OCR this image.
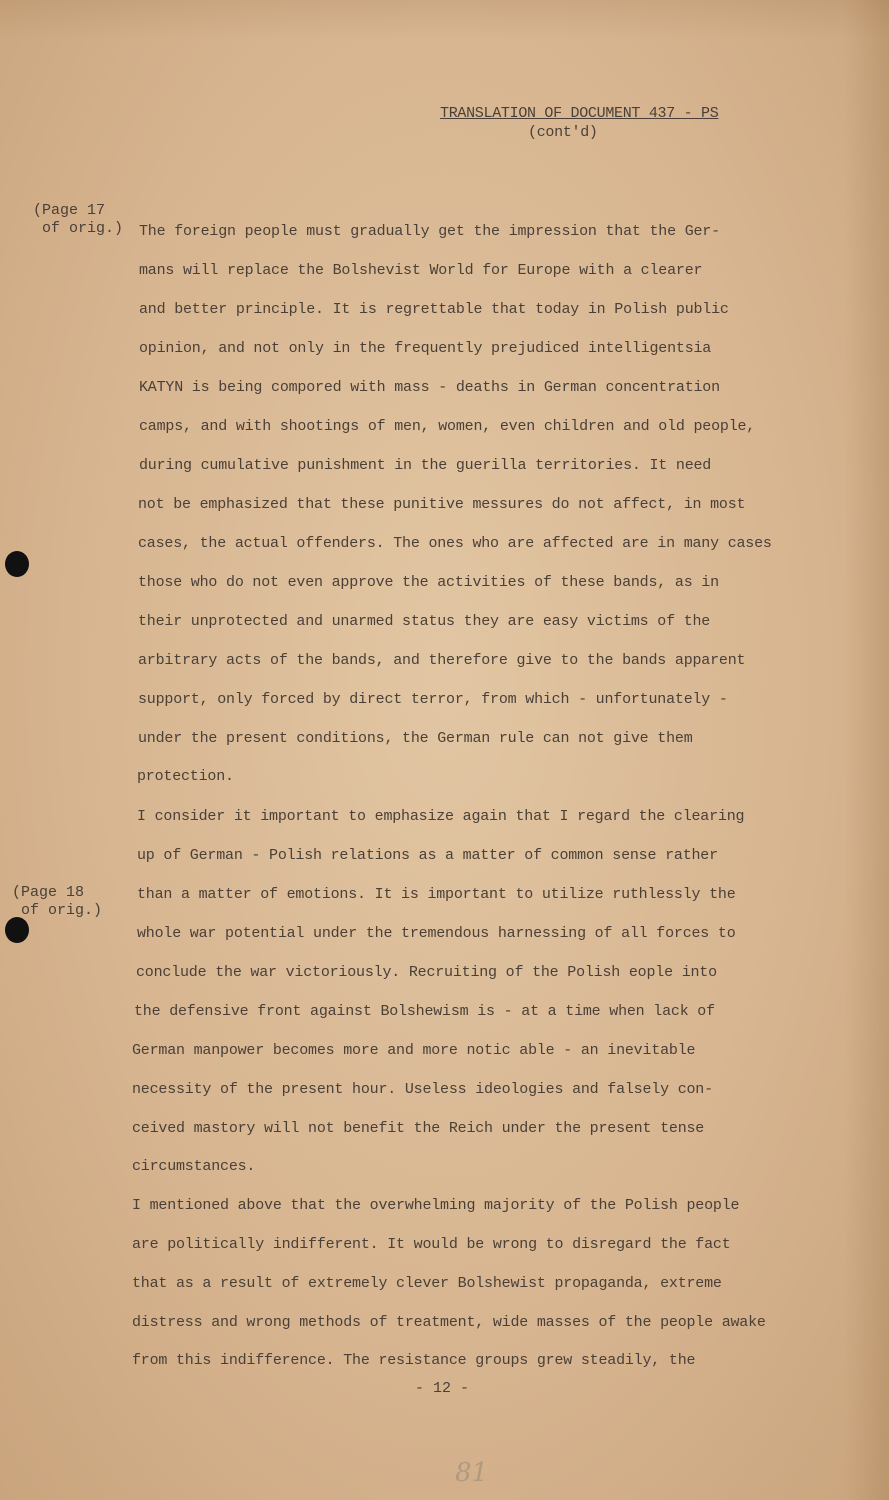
TRANSLATION OF DOCUMENT 437 - PS
(cont'd)
(Page 17
of orig.)
(Page 18
of orig.)
The foreign people must gradually get the impression that the Ger-
mans will replace the Bolshevist World for Europe with a clearer
and better principle. It is regrettable that today in Polish public
opinion, and not only in the frequently prejudiced intelligentsia
KATYN is being compored with mass - deaths in German concentration
camps, and with shootings of men, women, even children and old people,
during cumulative punishment in the guerilla territories. It need
not be emphasized that these punitive messures do not affect, in most
cases, the actual offenders. The ones who are affected are in many cases
those who do not even approve the activities of these bands, as in
their unprotected and unarmed status they are easy victims of the
arbitrary acts of the bands, and therefore give to the bands apparent
support, only forced by direct terror, from which - unfortunately -
under the present conditions, the German rule can not give them
protection.
I consider it important to emphasize again that I regard the clearing
up of German - Polish relations as a matter of common sense rather
than a matter of emotions. It is important to utilize ruthlessly the
whole war potential under the tremendous harnessing of all forces to
conclude the war victoriously. Recruiting of the Polish eople into
the defensive front against Bolshewism is - at a time when lack of
German manpower becomes more and more notic able - an inevitable
necessity of the present hour. Useless ideologies and falsely con-
ceived mastory will not benefit the Reich under the present tense
circumstances.
I mentioned above that the overwhelming majority of the Polish people
are politically indifferent. It would be wrong to disregard the fact
that as a result of extremely clever Bolshewist propaganda, extreme
distress and wrong methods of treatment, wide masses of the people awake
from this indifference. The resistance groups grew steadily, the
- 12 -
81
